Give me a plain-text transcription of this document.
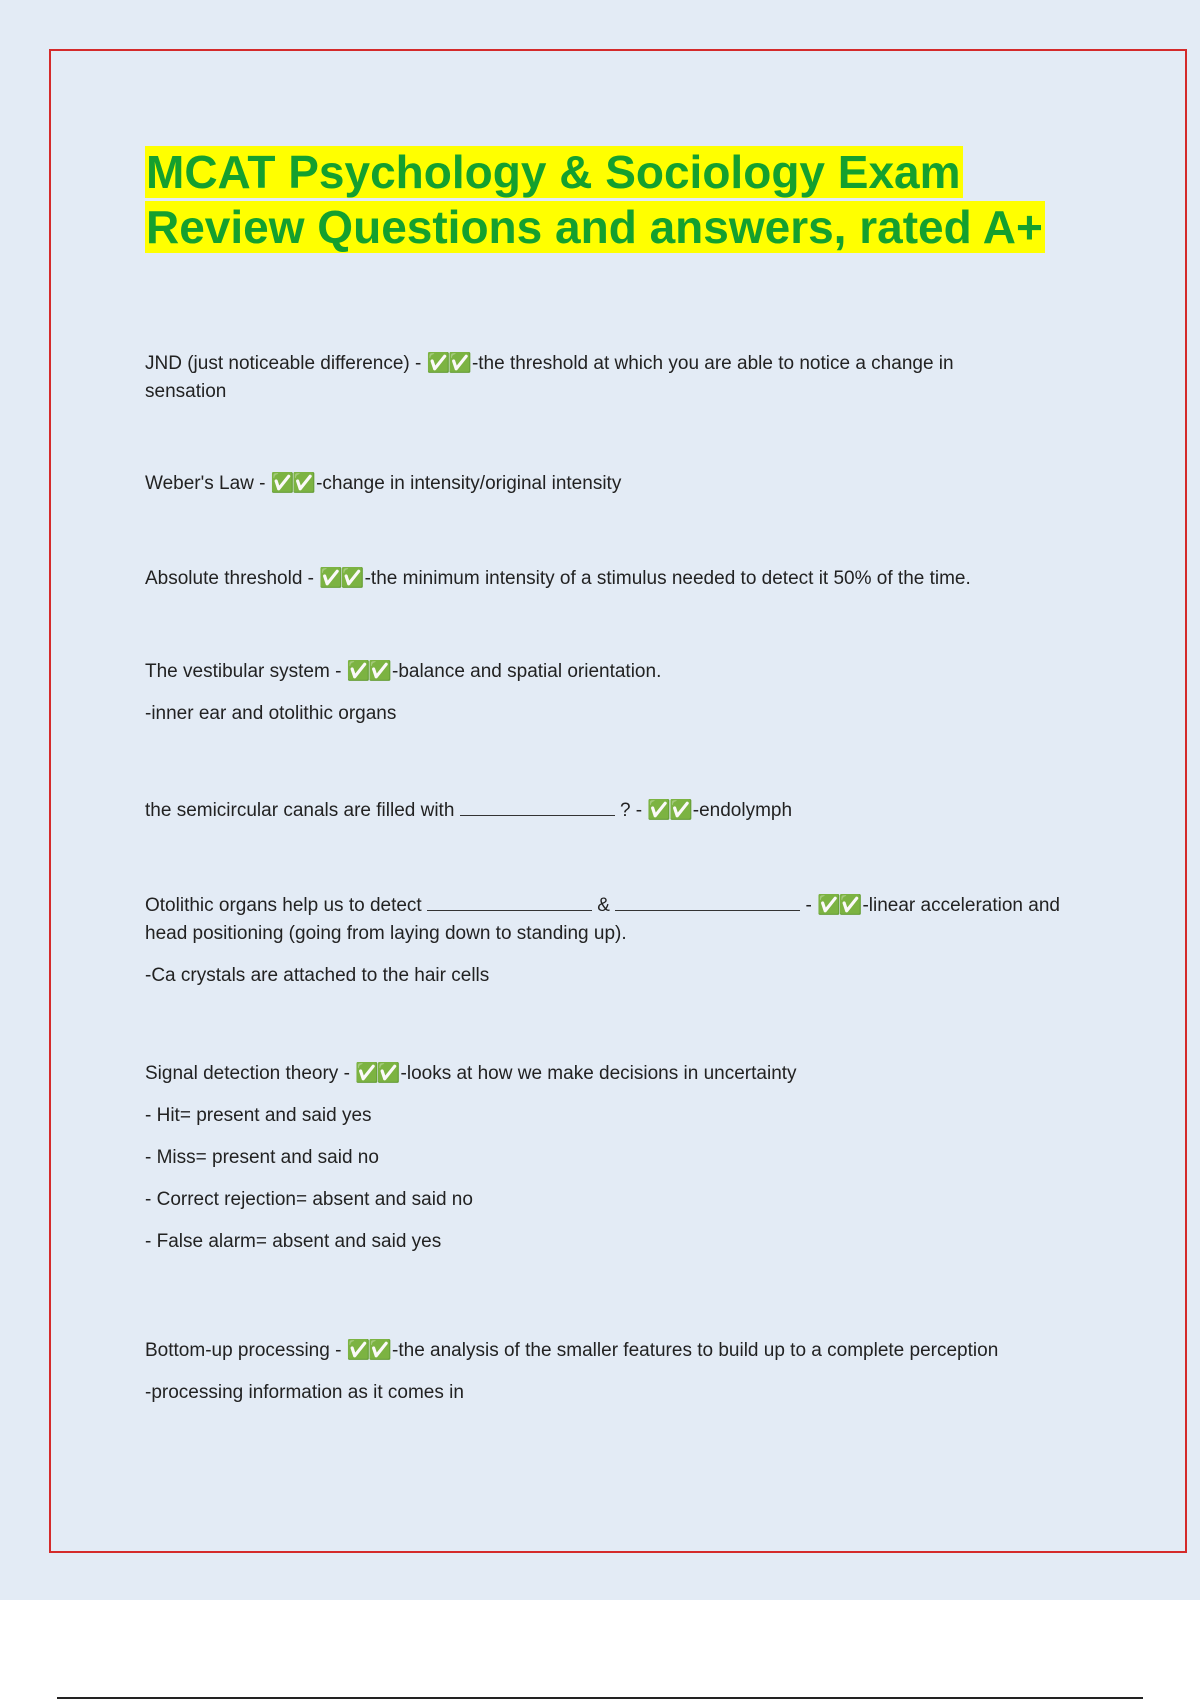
MCAT Psychology & Sociology Exam
Review Questions and answers, rated A+
JND (just noticeable difference) - ✅✅ -the threshold at which you are able to notice a change in sensation
Weber's Law - ✅✅ -change in intensity/original intensity
Absolute threshold - ✅✅ -the minimum intensity of a stimulus needed to detect it 50% of the time.
The vestibular system - ✅✅ -balance and spatial orientation.
-inner ear and otolithic organs
the semicircular canals are filled with	? - ✅✅ -endolymph
Otolithic organs help us to detect	&	- ✅✅ -linear acceleration and head positioning (going from laying down to standing up).
-Ca crystals are attached to the hair cells
Signal detection theory - ✅✅ -looks at how we make decisions in uncertainty
- Hit= present and said yes
- Miss= present and said no
- Correct rejection= absent and said no
- False alarm= absent and said yes
Bottom-up processing - ✅✅ -the analysis of the smaller features to build up to a complete perception
-processing information as it comes in
